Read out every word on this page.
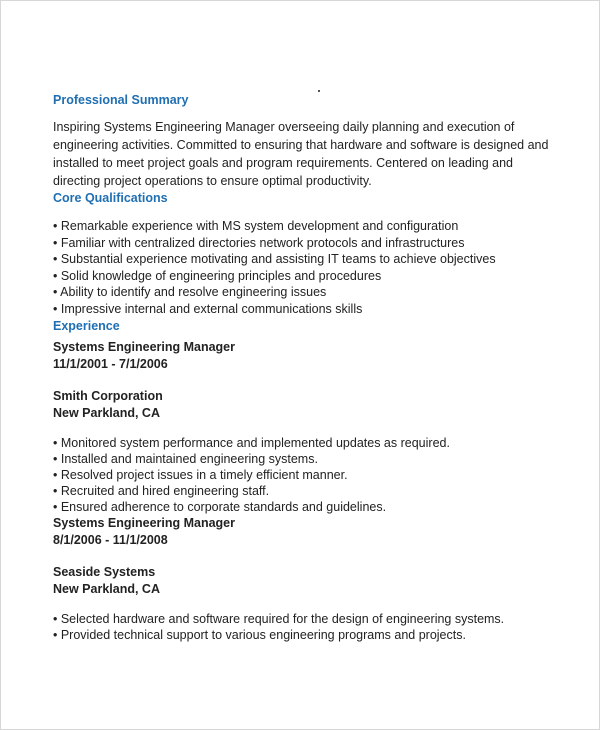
Professional Summary

Inspiring Systems Engineering Manager overseeing daily planning and execution of engineering activities. Committed to ensuring that hardware and software is designed and installed to meet project goals and program requirements. Centered on leading and directing project operations to ensure optimal productivity.

Core Qualifications
• Remarkable experience with MS system development and configuration
• Familiar with centralized directories network protocols and infrastructures
• Substantial experience motivating and assisting IT teams to achieve objectives
• Solid knowledge of engineering principles and procedures
• Ability to identify and resolve engineering issues
• Impressive internal and external communications skills
Experience

Systems Engineering Manager

11/1/2001 - 7/1/2006

Smith Corporation

New Parkland, CA

• Monitored system performance and implemented updates as required.
• Installed and maintained engineering systems.
• Resolved project issues in a timely efficient manner.
• Recruited and hired engineering staff.
• Ensured adherence to corporate standards and guidelines.

Systems Engineering Manager

8/1/2006 - 11/1/2008

Seaside Systems

New Parkland, CA

• Selected hardware and software required for the design of engineering systems.
• Provided technical support to various engineering programs and projects.
